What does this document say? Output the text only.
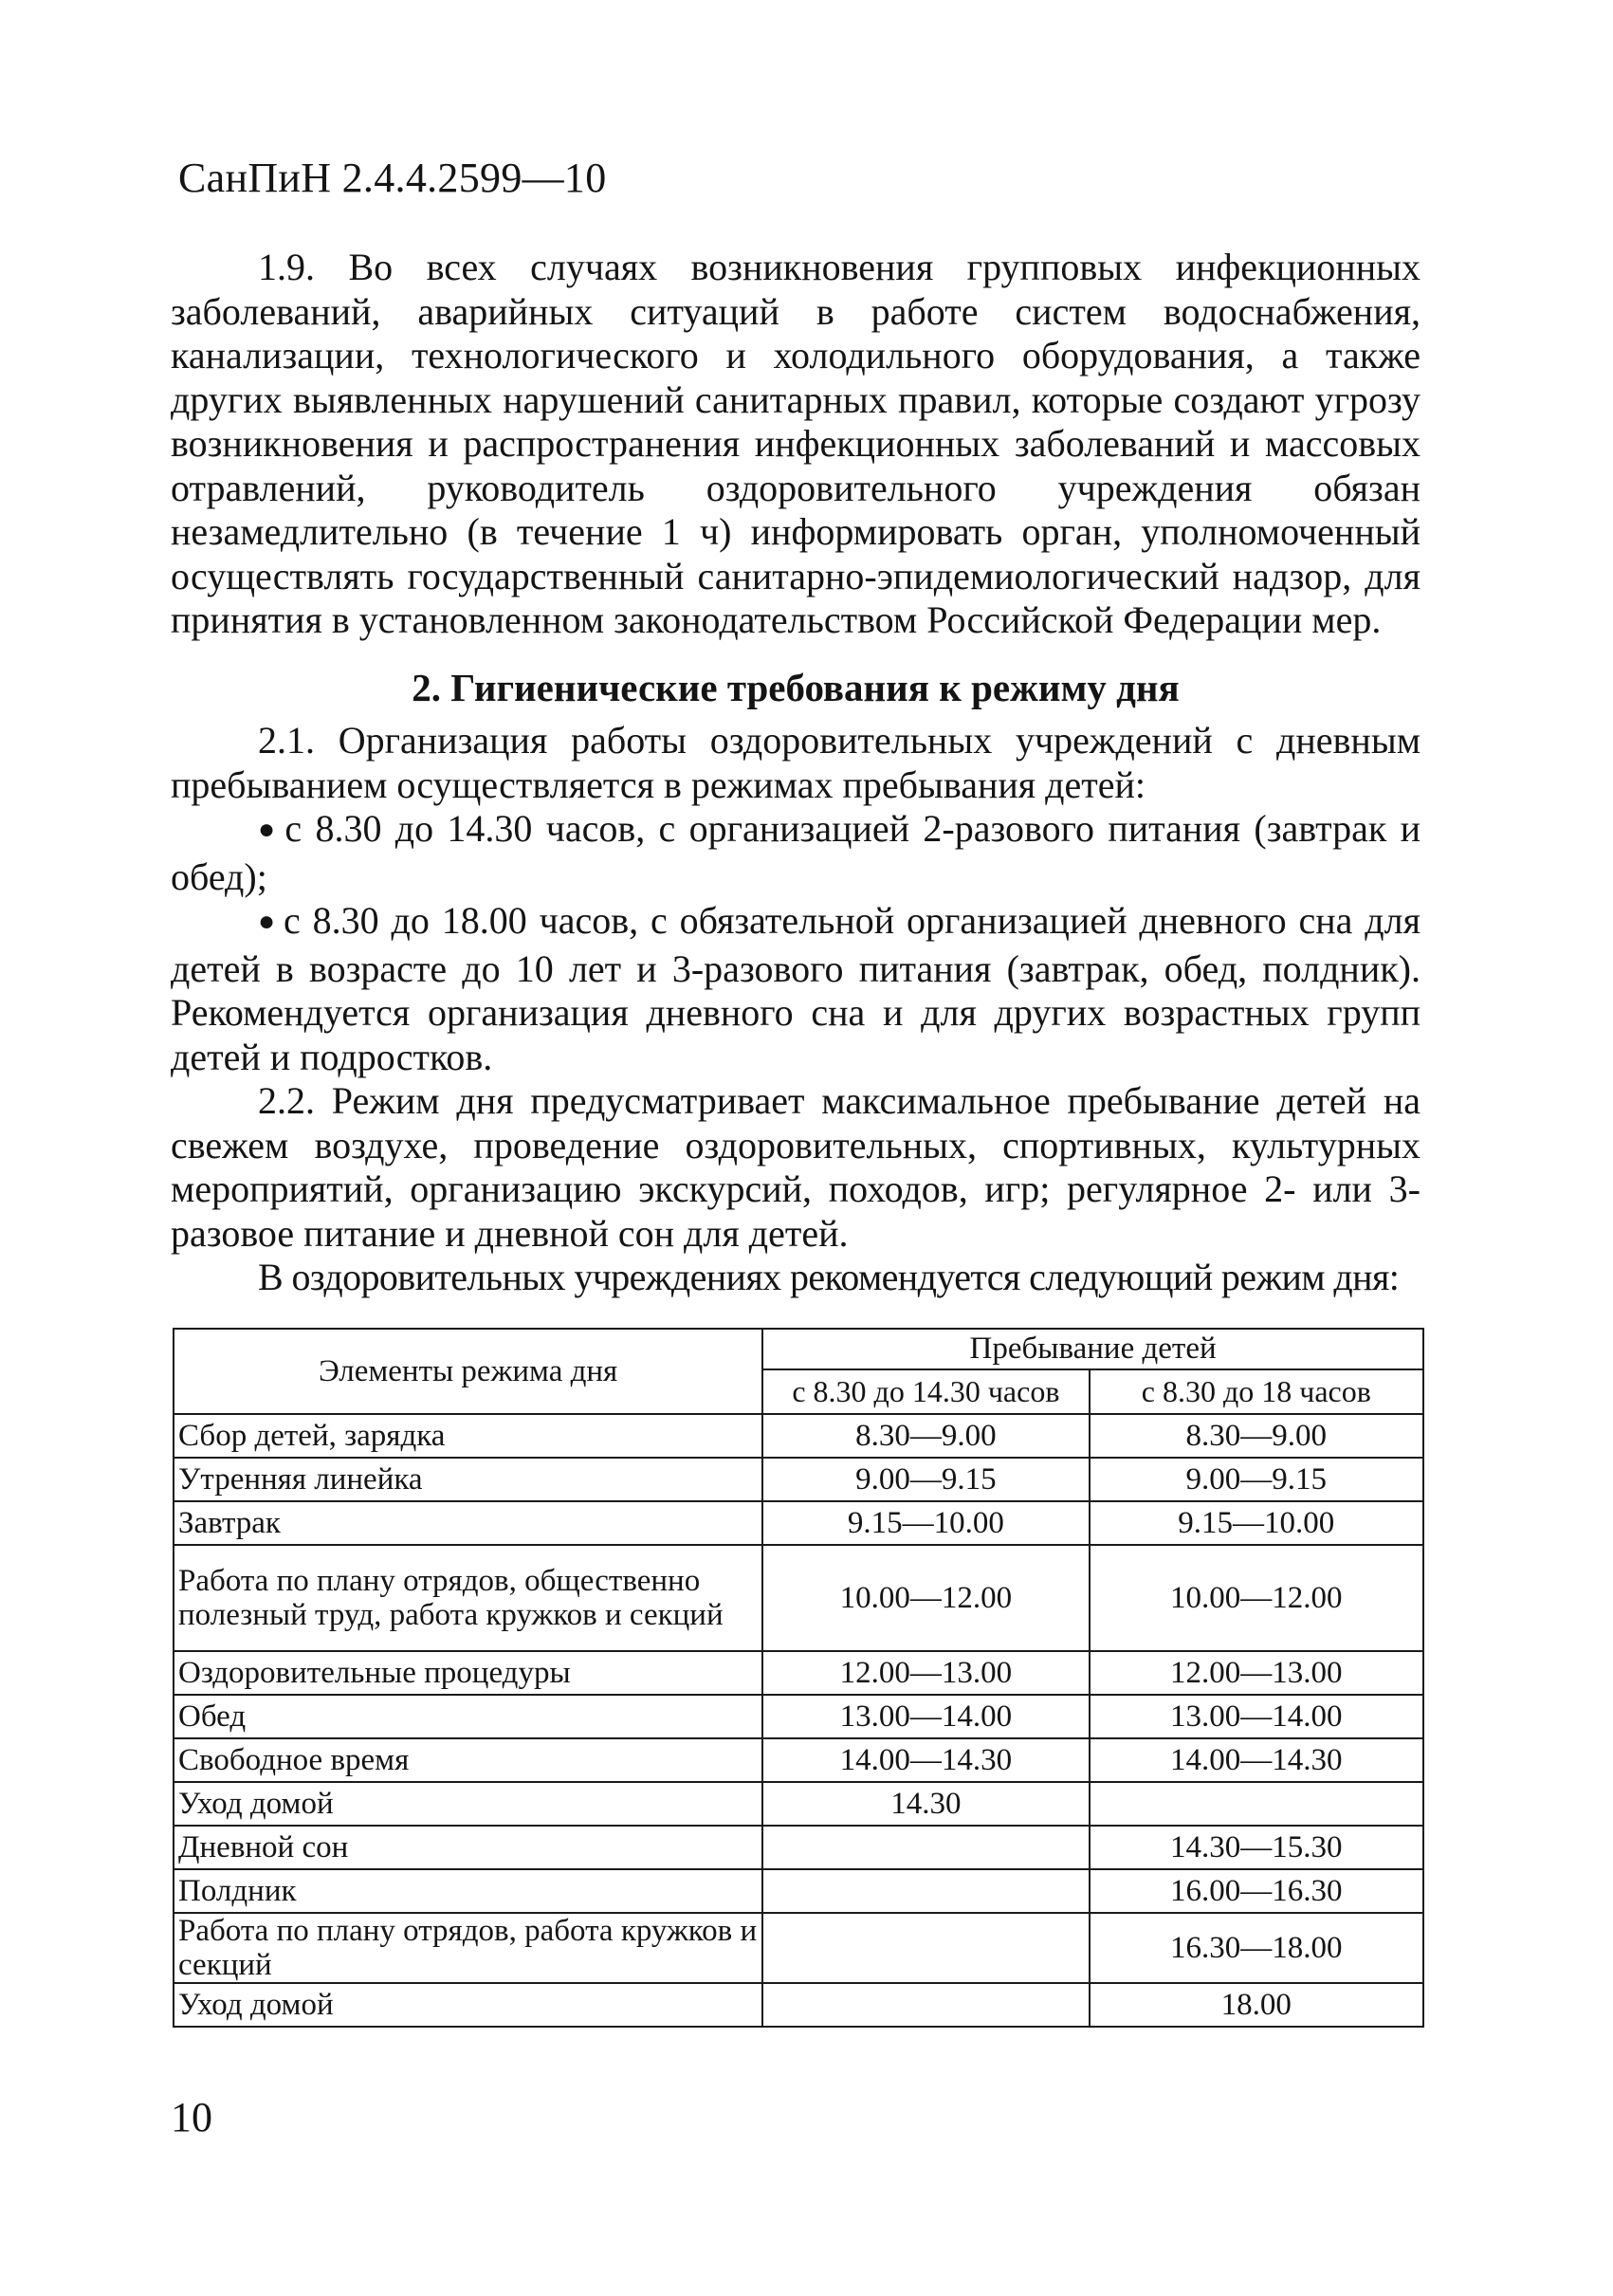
СанПиН 2.4.4.2599—10

1.9. Во всех случаях возникновения групповых инфекционных заболеваний, аварийных ситуаций в работе систем водоснабжения, канализации, технологического и холодильного оборудования, а также других выявленных нарушений санитарных правил, которые создают угрозу возникновения и распространения инфекционных заболеваний и массовых отравлений, руководитель оздоровительного учреждения обязан незамедлительно (в течение 1 ч) информировать орган, уполномоченный осуществлять государственный санитарно-эпидемиологический надзор, для принятия в установленном законодательством Российской Федерации мер.

2. Гигиенические требования к режиму дня

2.1. Организация работы оздоровительных учреждений с дневным пребыванием осуществляется в режимах пребывания детей:

● с 8.30 до 14.30 часов, с организацией 2-разового питания (завтрак и обед);

● с 8.30 до 18.00 часов, с обязательной организацией дневного сна для детей в возрасте до 10 лет и 3-разового питания (завтрак, обед, полдник). Рекомендуется организация дневного сна и для других возрастных групп детей и подростков.

2.2. Режим дня предусматривает максимальное пребывание детей на свежем воздухе, проведение оздоровительных, спортивных, культурных мероприятий, организацию экскурсий, походов, игр; регулярное 2- или 3-разовое питание и дневной сон для детей.

В оздоровительных учреждениях рекомендуется следующий режим дня:

Элементы режима дня	Пребывание детей	
	с 8.30 до 14.30 часов	с 8.30 до 18 часов
Сбор детей, зарядка	8.30—9.00	8.30—9.00
Утренняя линейка	9.00—9.15	9.00—9.15
Завтрак	9.15—10.00	9.15—10.00
Работа по плану отрядов, общественно полезный труд, работа кружков и секций	10.00—12.00	10.00—12.00
Оздоровительные процедуры	12.00—13.00	12.00—13.00
Обед	13.00—14.00	13.00—14.00
Свободное время	14.00—14.30	14.00—14.30
Уход домой	14.30	
Дневной сон		14.30—15.30
Полдник		16.00—16.30
Работа по плану отрядов, работа кружков и секций		16.30—18.00
Уход домой		18.00
10
